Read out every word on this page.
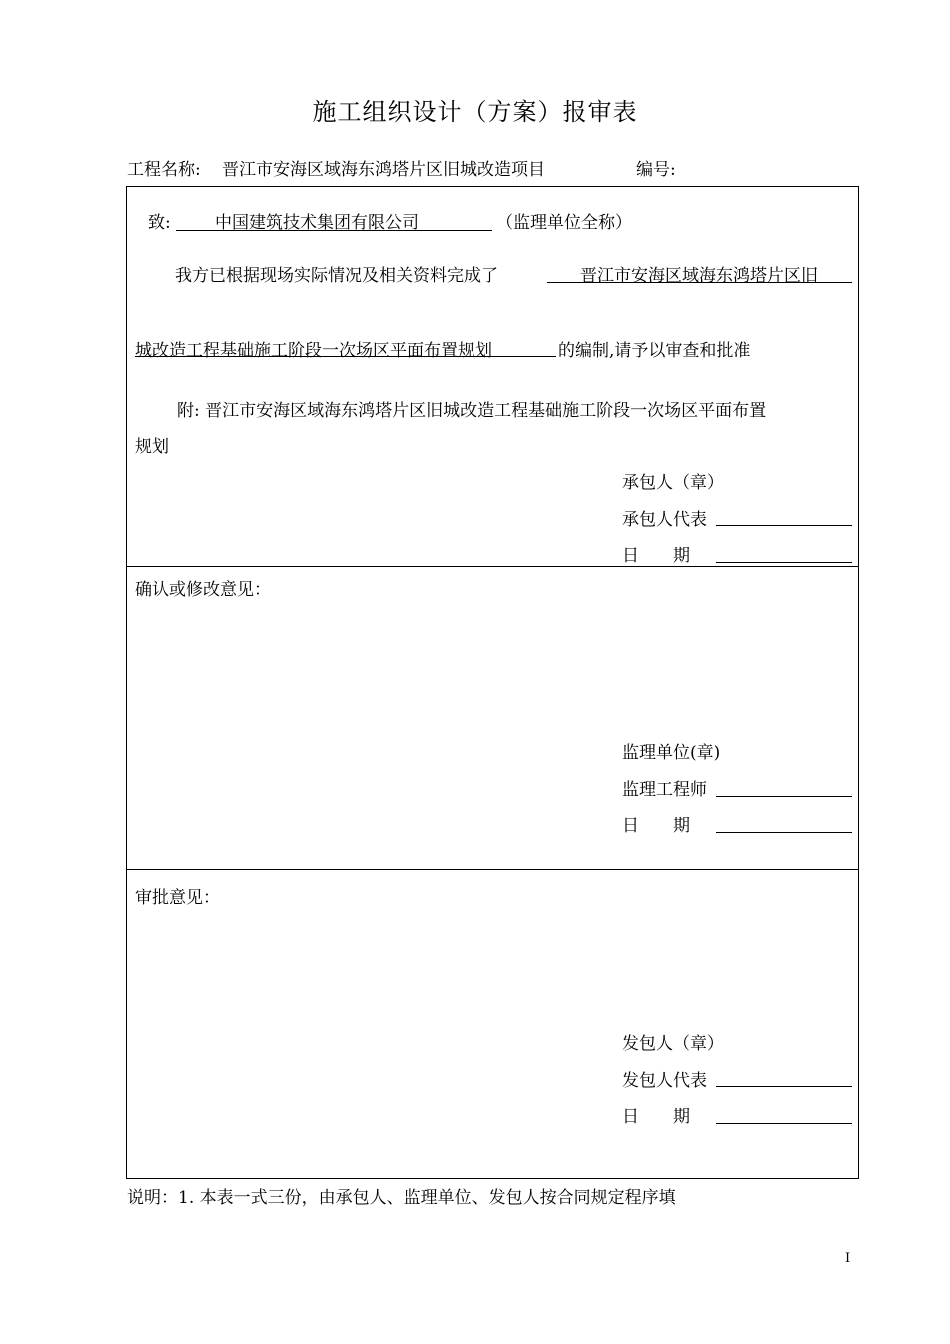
施工组织设计（方案）报审表
工程名称: 晋江市安海区域海东鸿塔片区旧城改造项目	编号:
致:	中国建筑技术集团有限公司	（监理单位全称）
我方已根据现场实际情况及相关资料完成了	晋江市安海区域海东鸿塔片区旧
城改造工程基础施工阶段一次场区平面布置规划	的编制,请予以审查和批准
附: 晋江市安海区域海东鸿塔片区旧城改造工程基础施工阶段一次场区平面布置
规划
承包人（章）
承包人代表
日　　期
确认或修改意见：
监理单位(章)
监理工程师
日　　期
审批意见：
发包人（章）
发包人代表
日　　期
说明：1. 本表一式三份，由承包人、监理单位、发包人按合同规定程序填
I
